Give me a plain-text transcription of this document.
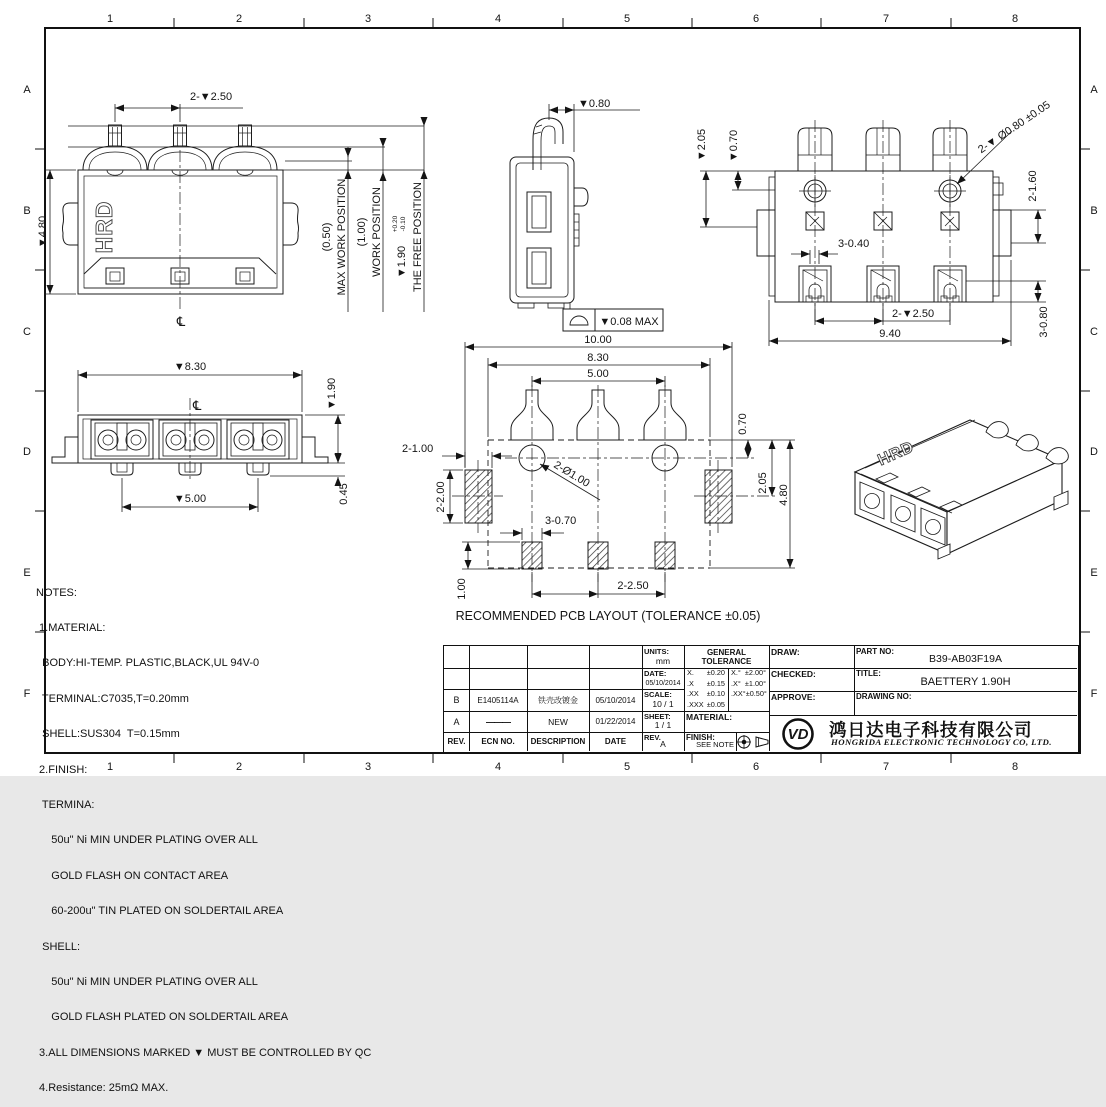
1	2	3	4	5	6	7	8
1	2	3	4	5	6	7	8
A
B
C
D
E
F
A
B
C
D
E
F
HRD
2-▼2.50
▼4.80
℄
(0.50) MAX WORK POSITION (1.00) WORK POSITION ▼1.90
+0.20 -0.10 THE FREE POSITION
▼0.80
▼0.08 MAX
2-▼ Ø0.80 ±0.05
2-1.60
3-0.40
2-▼2.50
9.40	3-0.80
▼2.05 ▼0.70
▼8.30
▼1.90
0.45
▼5.00
℄
10.00
8.30
5.00
2-1.00
2-2.00
1.00
3-0.70
2-2.50
2-Ø1.00
0.70
2.05
4.80
RECOMMENDED PCB LAYOUT (TOLERANCE ±0.05)
HRD

NOTES:

1.MATERIAL:

BODY:HI-TEMP. PLASTIC,BLACK,UL 94V-0

TERMINAL:C7035,T=0.20mm

SHELL:SUS304  T=0.15mm

2.FINISH:

TERMINA:

50u" Ni MIN UNDER PLATING OVER ALL

GOLD FLASH ON CONTACT AREA

60-200u" TIN PLATED ON SOLDERTAIL AREA

SHELL:

50u" Ni MIN UNDER PLATING OVER ALL

GOLD FLASH PLATED ON SOLDERTAIL AREA

3.ALL DIMENSIONS MARKED ▼ MUST BE CONTROLLED BY QC

4.Resistance: 25mΩ MAX.

B	E1405114A	铁壳改镀金	05/10/2014
A	———	NEW	01/22/2014
REV.	ECN NO.	DESCRIPTION	DATE
UNITS:
mm
DATE:
05/10/2014
SCALE:
10 / 1
SHEET:
1 / 1
REV.
A
GENERAL TOLERANCE
X. ±0.20
.X ±0.15
.XX ±0.10
.XXX ±0.05
X.° ±2.00°
.X° ±1.00°
.XX° ±0.50°
MATERIAL:
FINISH:
SEE NOTE
DRAW:
CHECKED:
APPROVE:
PART NO:
B39-AB03F19A
TITLE:
BAETTERY 1.90H
DRAWING NO:
VD 鸿日达电子科技有限公司
HONGRIDA ELECTRONIC TECHNOLOGY CO, LTD.
